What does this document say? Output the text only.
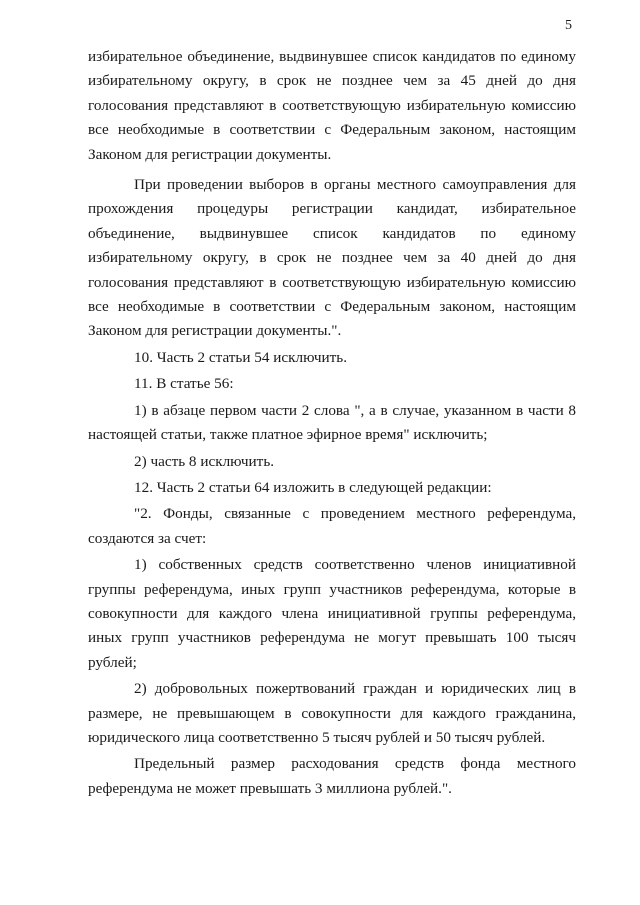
5

избирательное объединение, выдвинувшее список кандидатов по единому избирательному округу, в срок не позднее чем за 45 дней до дня голосования представляют в соответствующую избирательную комиссию все необходимые в соответствии с Федеральным законом, настоящим Законом для регистрации документы.

При проведении выборов в органы местного самоуправления для прохождения процедуры регистрации кандидат, избирательное объединение, выдвинувшее список кандидатов по единому избирательному округу, в срок не позднее чем за 40 дней до дня голосования представляют в соответствующую избирательную комиссию все необходимые в соответствии с Федеральным законом, настоящим Законом для регистрации документы.".

10. Часть 2 статьи 54 исключить.

11. В статье 56:

1) в абзаце первом части 2 слова ", а в случае, указанном в части 8 настоящей статьи, также платное эфирное время" исключить;

2) часть 8 исключить.

12. Часть 2 статьи 64 изложить в следующей редакции:

"2. Фонды, связанные с проведением местного референдума, создаются за счет:

1) собственных средств соответственно членов инициативной группы референдума, иных групп участников референдума, которые в совокупности для каждого члена инициативной группы референдума, иных групп участников референдума не могут превышать 100 тысяч рублей;

2) добровольных пожертвований граждан и юридических лиц в размере, не превышающем в совокупности для каждого гражданина, юридического лица соответственно 5 тысяч рублей и 50 тысяч рублей.

Предельный размер расходования средств фонда местного референдума не может превышать 3 миллиона рублей.".
